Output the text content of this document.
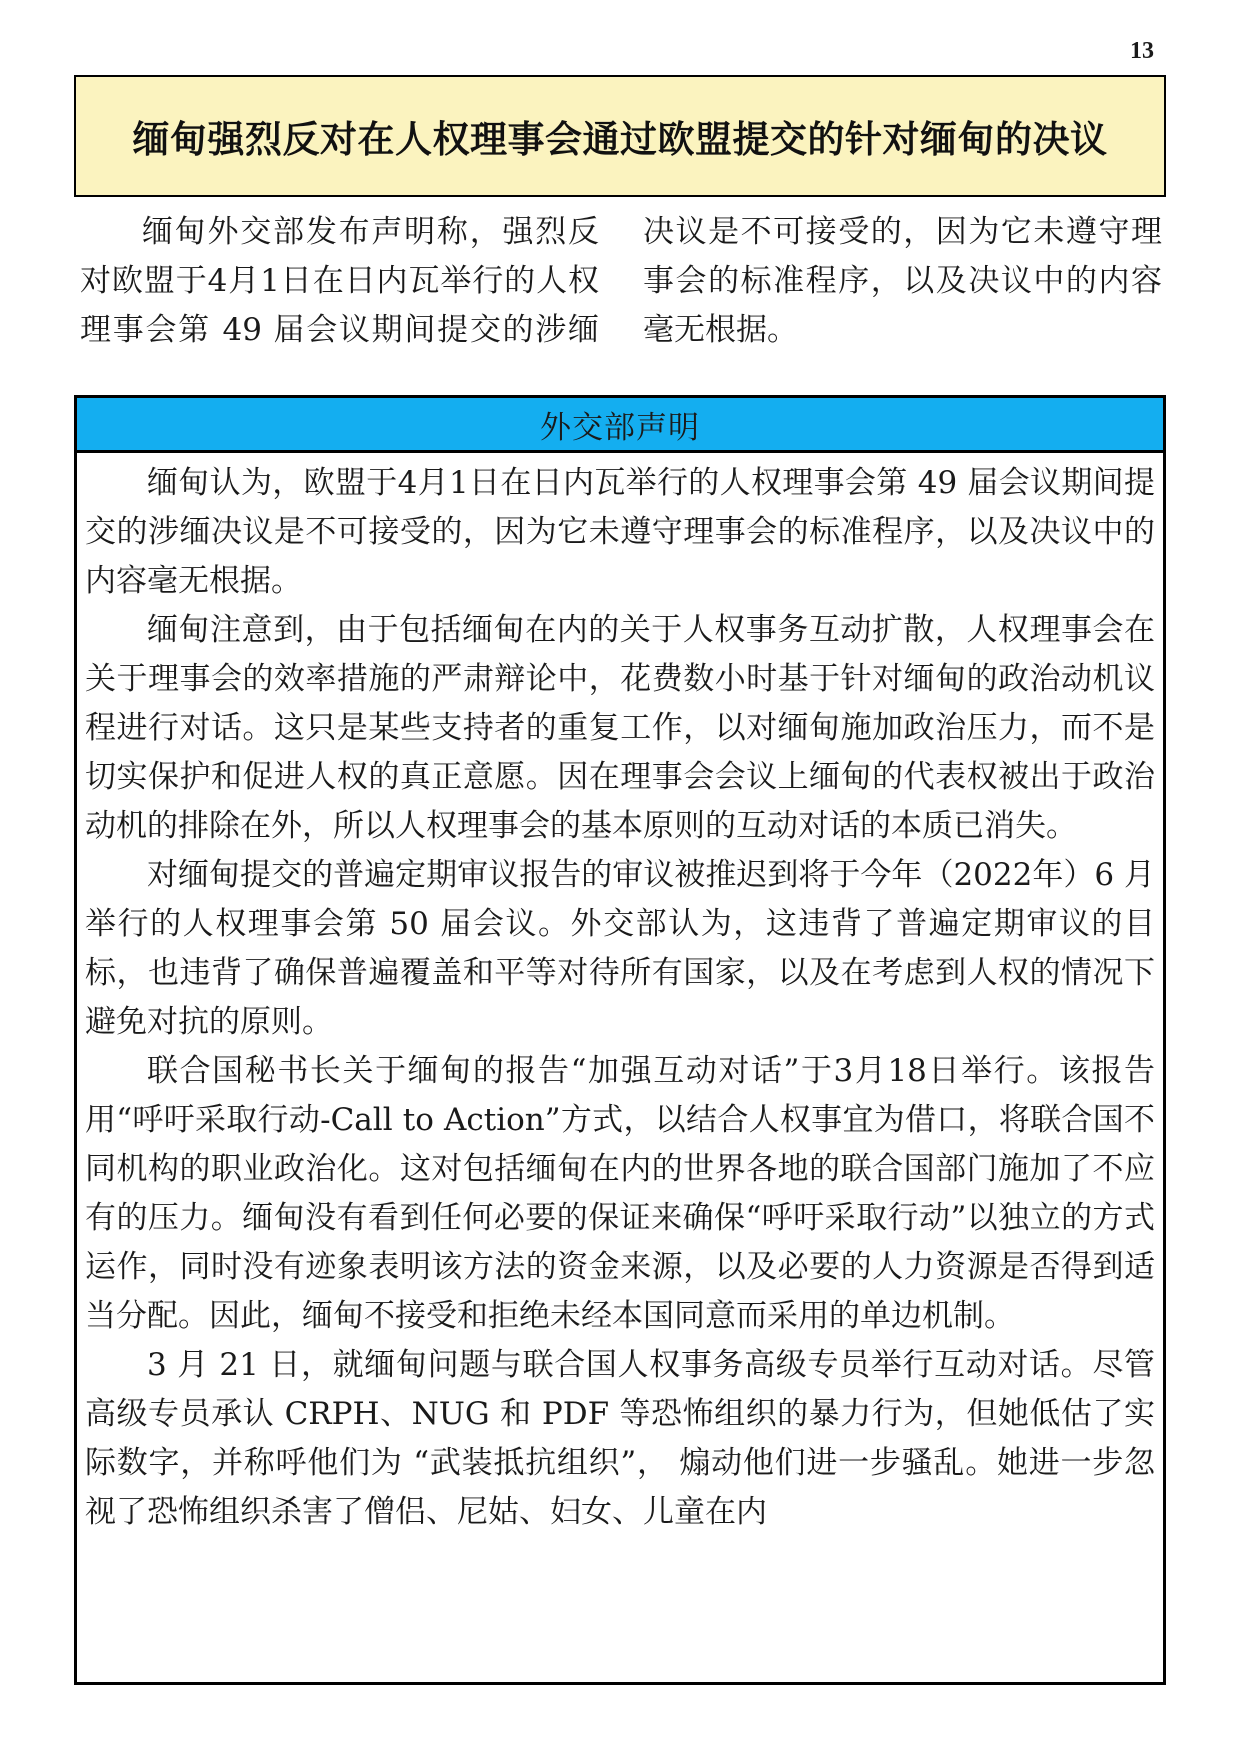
13
缅甸强烈反对在人权理事会通过欧盟提交的针对缅甸的决议

缅甸外交部发布声明称，强烈反对欧盟于4月1日在日内瓦举行的人权理事会第 49 届会议期间提交的涉缅决议是不可接受的，因为它未遵守理事会的标准程序，以及决议中的内容毫无根据。

外交部声明

缅甸认为，欧盟于4月1日在日内瓦举行的人权理事会第 49 届会议期间提交的涉缅决议是不可接受的，因为它未遵守理事会的标准程序，以及决议中的内容毫无根据。

缅甸注意到，由于包括缅甸在内的关于人权事务互动扩散，人权理事会在关于理事会的效率措施的严肃辩论中，花费数小时基于针对缅甸的政治动机议程进行对话。这只是某些支持者的重复工作，以对缅甸施加政治压力，而不是切实保护和促进人权的真正意愿。因在理事会会议上缅甸的代表权被出于政治动机的排除在外，所以人权理事会的基本原则的互动对话的本质已消失。

对缅甸提交的普遍定期审议报告的审议被推迟到将于今年（2022年）6 月举行的人权理事会第 50 届会议。外交部认为，这违背了普遍定期审议的目标，也违背了确保普遍覆盖和平等对待所有国家，以及在考虑到人权的情况下避免对抗的原则。

联合国秘书长关于缅甸的报告“加强互动对话”于3月18日举行。该报告用“呼吁采取行动-Call to Action”方式，以结合人权事宜为借口，将联合国不同机构的职业政治化。这对包括缅甸在内的世界各地的联合国部门施加了不应有的压力。缅甸没有看到任何必要的保证来确保“呼吁采取行动”以独立的方式运作，同时没有迹象表明该方法的资金来源，以及必要的人力资源是否得到适当分配。因此，缅甸不接受和拒绝未经本国同意而采用的单边机制。

3 月 21 日，就缅甸问题与联合国人权事务高级专员举行互动对话。尽管高级专员承认 CRPH、NUG 和 PDF 等恐怖组织的暴力行为，但她低估了实际数字，并称呼他们为 “武装抵抗组织”， 煽动他们进一步骚乱。她进一步忽视了恐怖组织杀害了僧侣、尼姑、妇女、儿童在内
